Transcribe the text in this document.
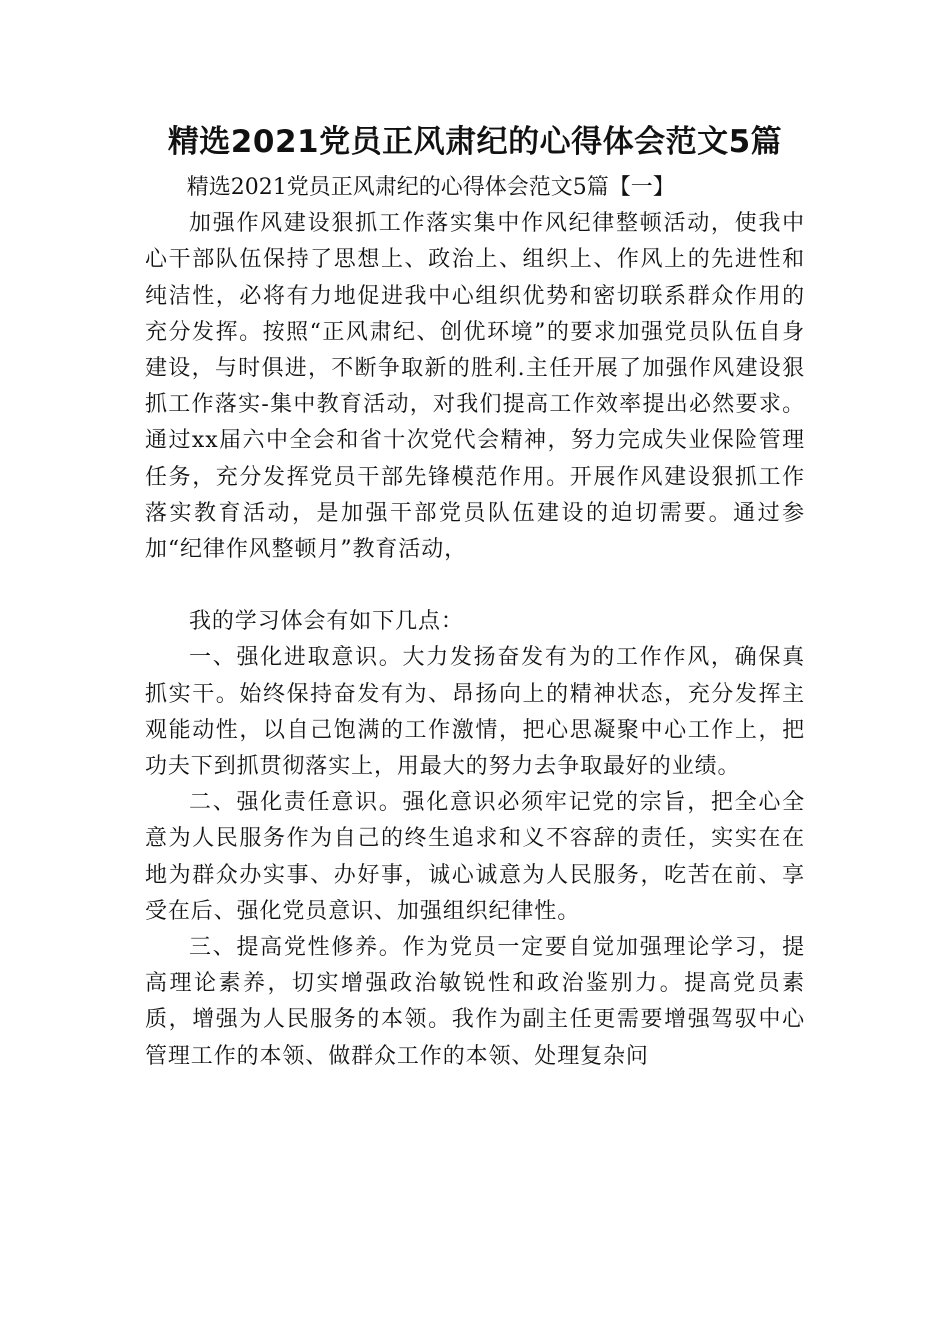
精选2021党员正风肃纪的心得体会范文5篇
精选2021党员正风肃纪的心得体会范文5篇【一】

加强作风建设狠抓工作落实集中作风纪律整顿活动，使我中心干部队伍保持了思想上、政治上、组织上、作风上的先进性和纯洁性，必将有力地促进我中心组织优势和密切联系群众作用的充分发挥。按照“正风肃纪、创优环境”的要求加强党员队伍自身建设，与时俱进，不断争取新的胜利.主任开展了加强作风建设狠抓工作落实-集中教育活动，对我们提高工作效率提出必然要求。通过xx届六中全会和省十次党代会精神，努力完成失业保险管理任务，充分发挥党员干部先锋模范作用。开展作风建设狠抓工作落实教育活动，是加强干部党员队伍建设的迫切需要。通过参加“纪律作风整顿月”教育活动，

我的学习体会有如下几点：

一、强化进取意识。大力发扬奋发有为的工作作风，确保真抓实干。始终保持奋发有为、昂扬向上的精神状态，充分发挥主观能动性，以自己饱满的工作激情，把心思凝聚中心工作上，把功夫下到抓贯彻落实上，用最大的努力去争取最好的业绩。

二、强化责任意识。强化意识必须牢记党的宗旨，把全心全意为人民服务作为自己的终生追求和义不容辞的责任，实实在在地为群众办实事、办好事，诚心诚意为人民服务，吃苦在前、享受在后、强化党员意识、加强组织纪律性。

三、提高党性修养。作为党员一定要自觉加强理论学习，提高理论素养，切实增强政治敏锐性和政治鉴别力。提高党员素质，增强为人民服务的本领。我作为副主任更需要增强驾驭中心管理工作的本领、做群众工作的本领、处理复杂问
